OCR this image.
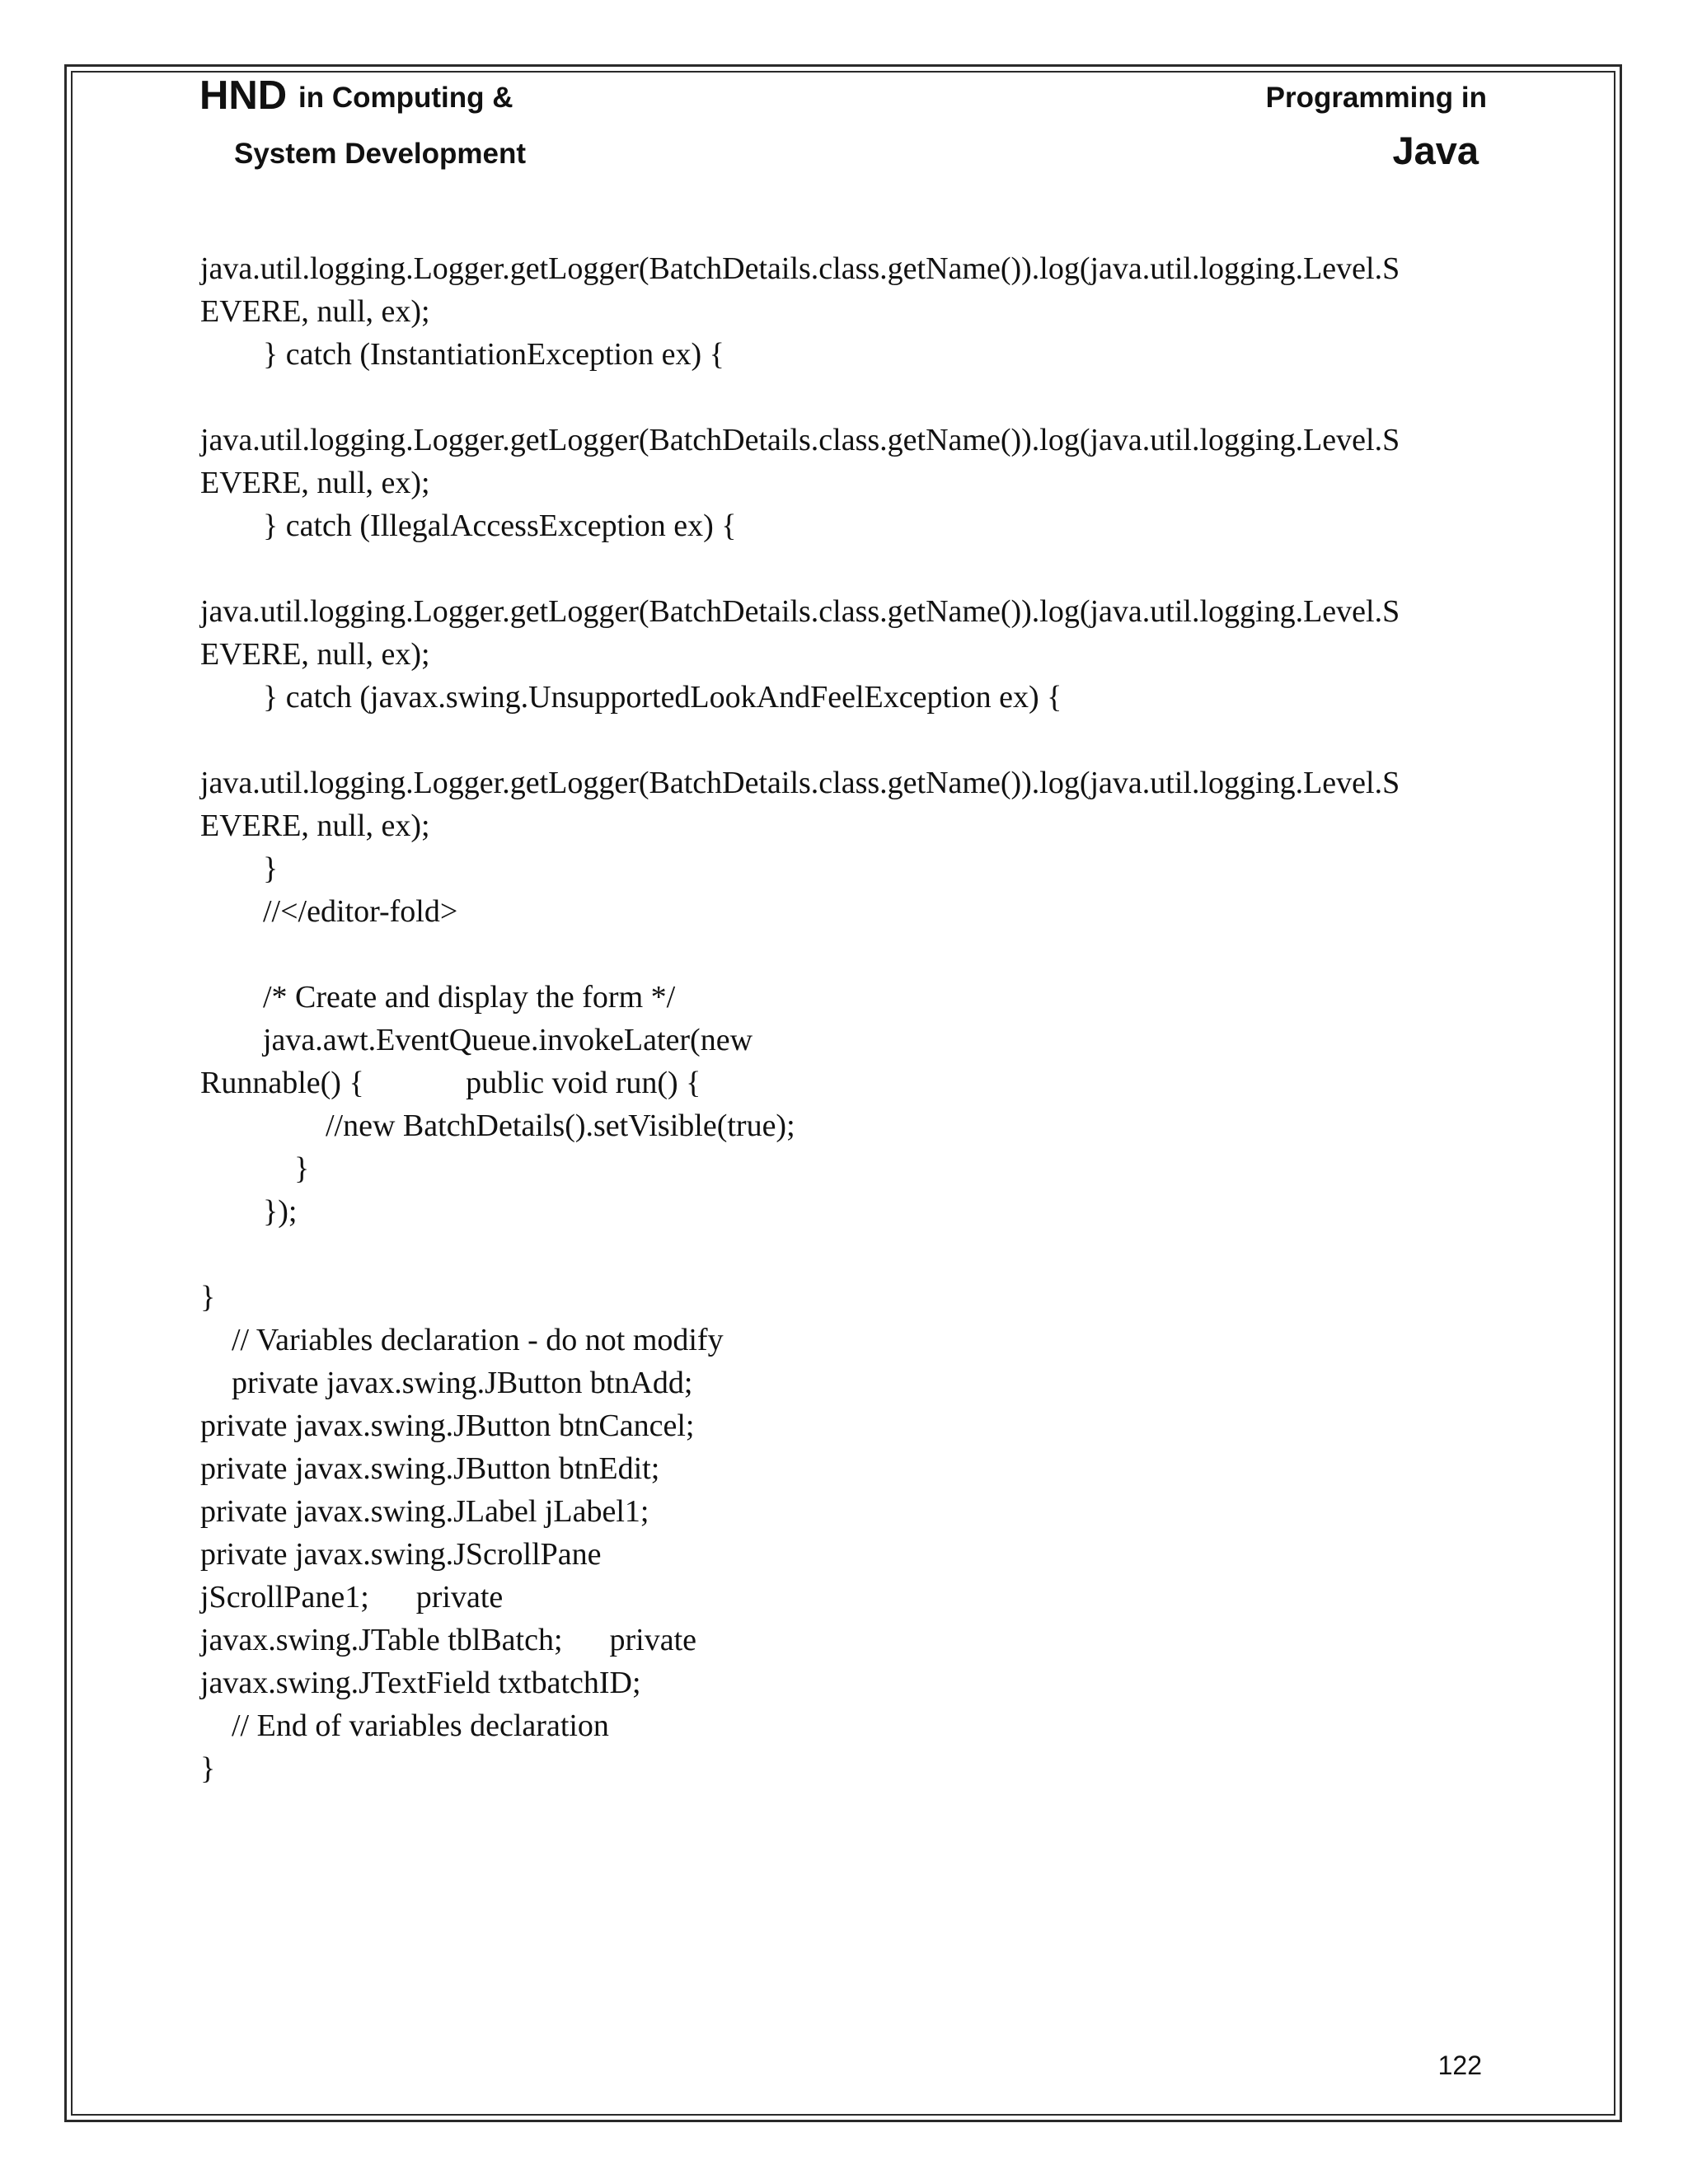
HND in Computing &
System Development
Programming in
Java
java.util.logging.Logger.getLogger(BatchDetails.class.getName()).log(java.util.logging.Level.S
EVERE, null, ex);
} catch (InstantiationException ex) {
java.util.logging.Logger.getLogger(BatchDetails.class.getName()).log(java.util.logging.Level.S
EVERE, null, ex);
} catch (IllegalAccessException ex) {
java.util.logging.Logger.getLogger(BatchDetails.class.getName()).log(java.util.logging.Level.S
EVERE, null, ex);
} catch (javax.swing.UnsupportedLookAndFeelException ex) {
java.util.logging.Logger.getLogger(BatchDetails.class.getName()).log(java.util.logging.Level.S
EVERE, null, ex);
}
//</editor-fold>
/* Create and display the form */
java.awt.EventQueue.invokeLater(new
Runnable() {             public void run() {
//new BatchDetails().setVisible(true);
}
});
}
// Variables declaration - do not modify
private javax.swing.JButton btnAdd;
private javax.swing.JButton btnCancel;
private javax.swing.JButton btnEdit;
private javax.swing.JLabel jLabel1;
private javax.swing.JScrollPane
jScrollPane1;      private
javax.swing.JTable tblBatch;      private
javax.swing.JTextField txtbatchID;
// End of variables declaration
}
122
